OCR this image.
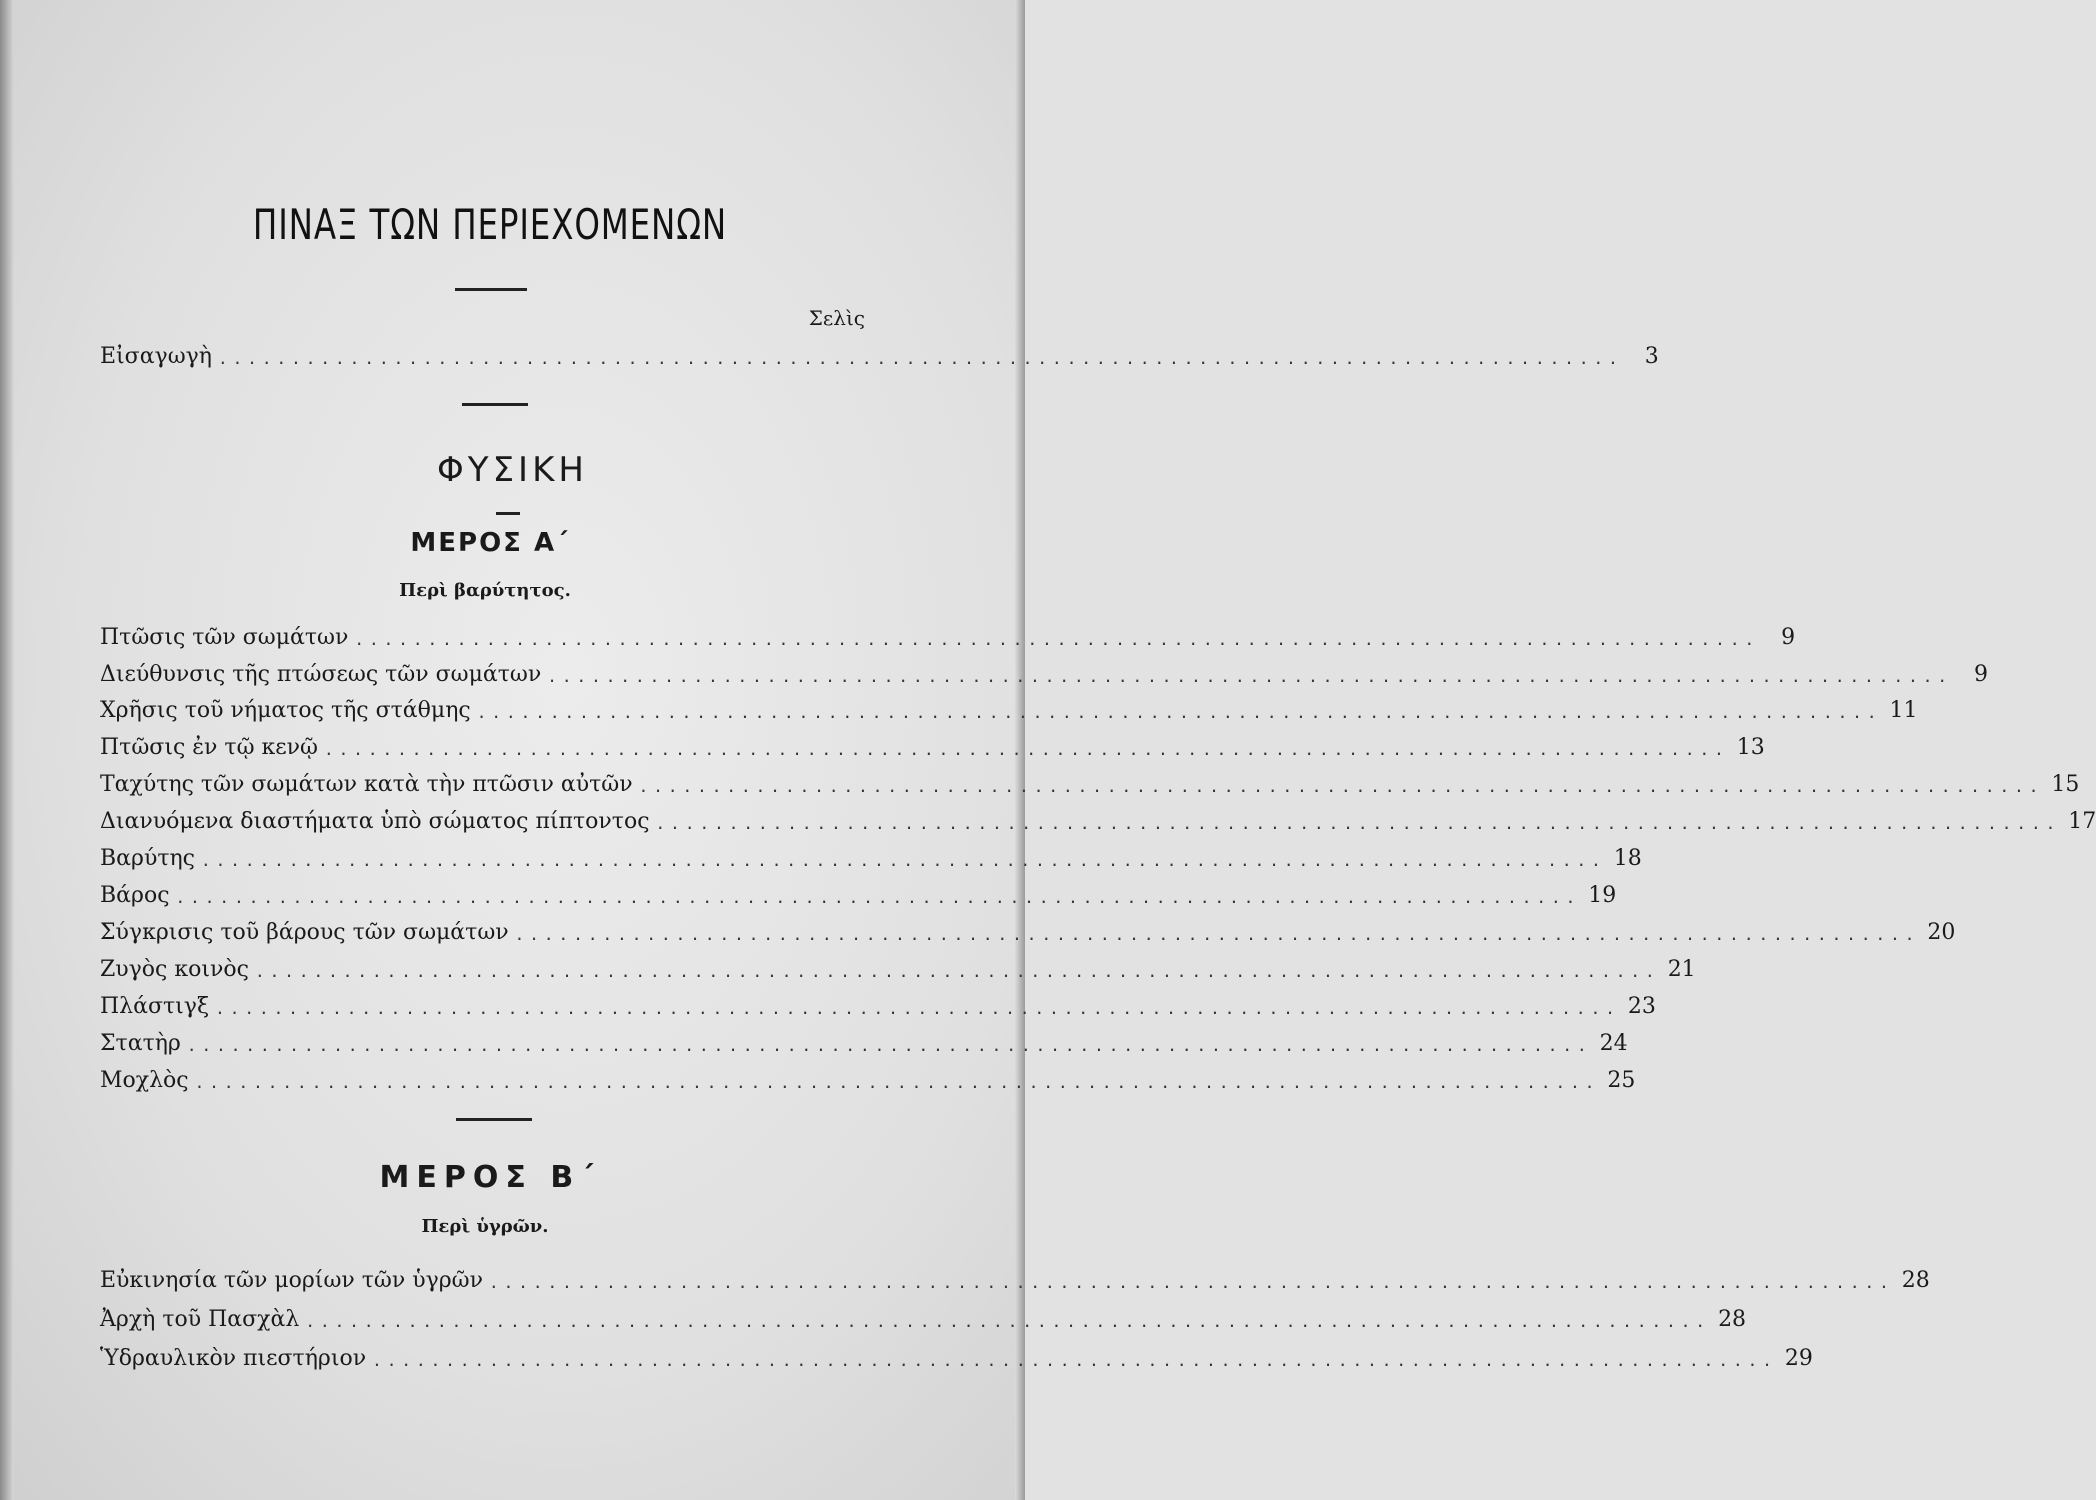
ΠΙΝΑΞ ΤΩΝ ΠΕΡΙΕΧΟΜΕΝΩΝ
Σελὶς
Εἰσαγωγὴ ................................................................................................	3
ΦΥΣΙΚΗ
ΜΕΡΟΣ Α΄
Περὶ βαρύτητος.
Πτῶσις τῶν σωμάτων ................................................................................................	9
Διεύθυνσις τῆς πτώσεως τῶν σωμάτων ................................................................................................	9
Χρῆσις τοῦ νήματος τῆς στάθμης ................................................................................................ 11
Πτῶσις ἐν τῷ κενῷ ................................................................................................ 13
Ταχύτης τῶν σωμάτων κατὰ τὴν πτῶσιν αὐτῶν ................................................................................................ 15
Διανυόμενα διαστήματα ὑπὸ σώματος πίπτοντος ................................................................................................ 17
Βαρύτης ................................................................................................ 18
Βάρος ................................................................................................ 19
Σύγκρισις τοῦ βάρους τῶν σωμάτων ................................................................................................ 20
Ζυγὸς κοινὸς ................................................................................................ 21
Πλάστιγξ ................................................................................................ 23
Στατὴρ ................................................................................................ 24
Μοχλὸς ................................................................................................ 25
ΜΕΡΟΣ Β΄
Περὶ ὑγρῶν.
Εὐκινησία τῶν μορίων τῶν ὑγρῶν ................................................................................................ 28
Ἀρχὴ τοῦ Πασχὰλ ................................................................................................ 28
Ὑδραυλικὸν πιεστήριον ................................................................................................ 29
